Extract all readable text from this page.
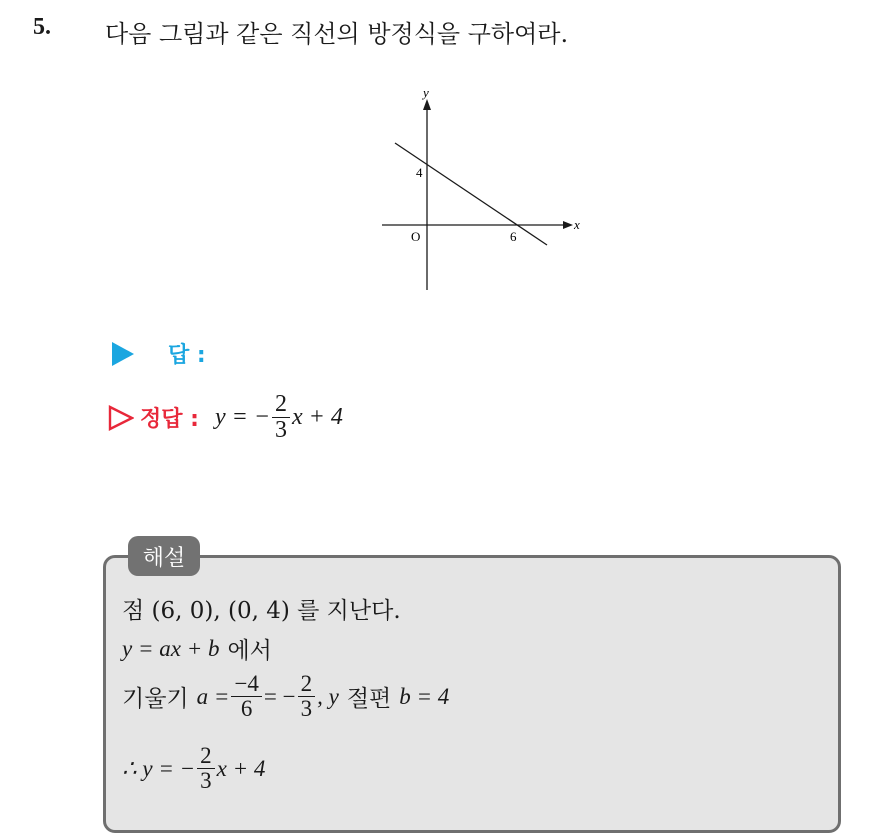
5. 다음 그림과 같은 직선의 방정식을 구하여라.
y
x
O
4
6
답 :
정답 : y = − $\frac{2}{3}$ x + 4
해설
점 (6, 0), (0, 4) 를 지난다.
y = ax + b 에서
기울기 $a = \frac{-4}{6}$ = − $\frac{2}{3}$ , y 절편 b = 4
∴ y = − $\frac{2}{3}$ x + 4
